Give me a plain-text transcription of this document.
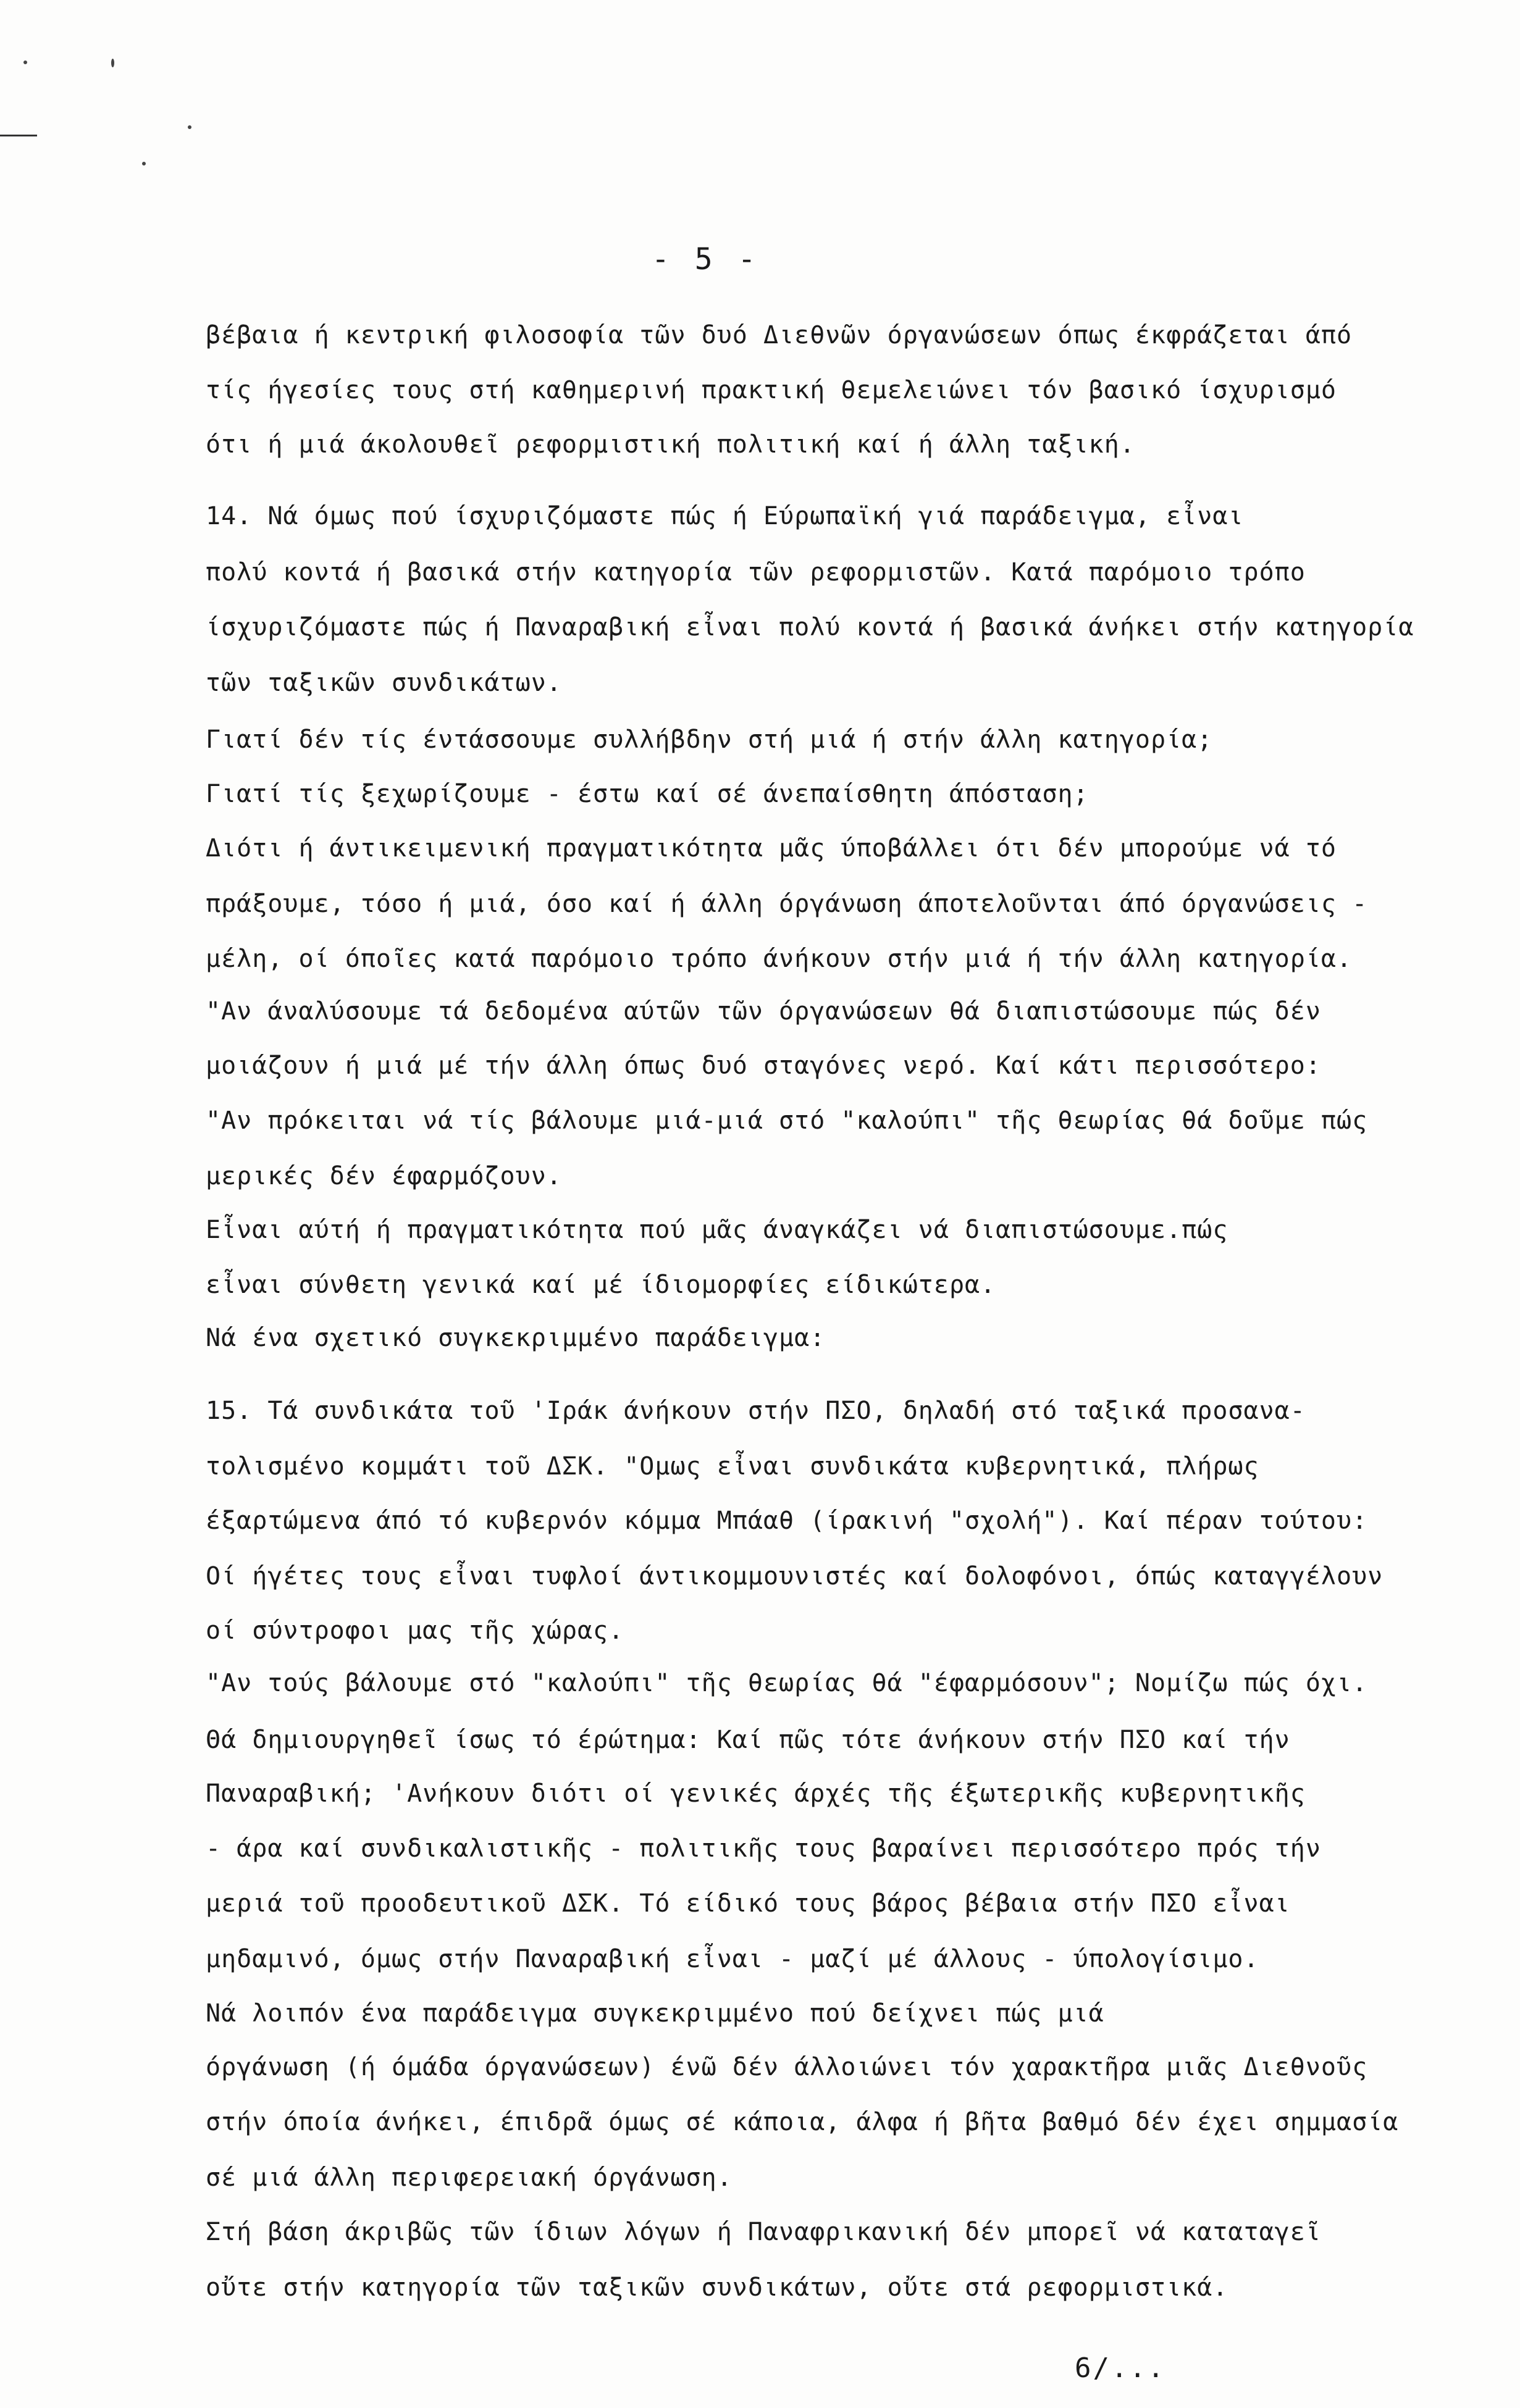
- 5 -
βέβαια ή κεντρική φιλοσοφία τῶν δυό Διεθνῶν όργανώσεων όπως έκφράζεται άπό
τίς ήγεσίες τους στή καθημερινή πρακτική θεμελειώνει τόν βασικό ίσχυρισμό
ότι ή μιά άκολουθεῖ ρεφορμιστική πολιτική καί ή άλλη ταξική.
14. Νά όμως πού ίσχυριζόμαστε πώς ή Εύρωπαϊκή γιά παράδειγμα, εἶναι
πολύ κοντά ή βασικά στήν κατηγορία τῶν ρεφορμιστῶν. Κατά παρόμοιο τρόπο
ίσχυριζόμαστε πώς ή Παναραβική εἶναι πολύ κοντά ή βασικά άνήκει στήν κατηγορία
τῶν ταξικῶν συνδικάτων.
Γιατί δέν τίς έντάσσουμε συλλήβδην στή μιά ή στήν άλλη κατηγορία;
Γιατί τίς ξεχωρίζουμε - έστω καί σέ άνεπαίσθητη άπόσταση;
Διότι ή άντικειμενική πραγματικότητα μᾶς ύποβάλλει ότι δέν μπορούμε νά τό
πράξουμε, τόσο ή μιά, όσο καί ή άλλη όργάνωση άποτελοῦνται άπό όργανώσεις -
μέλη, οί όποῖες κατά παρόμοιο τρόπο άνήκουν στήν μιά ή τήν άλλη κατηγορία.
"Αν άναλύσουμε τά δεδομένα αύτῶν τῶν όργανώσεων θά διαπιστώσουμε πώς δέν
μοιάζουν ή μιά μέ τήν άλλη όπως δυό σταγόνες νερό. Καί κάτι περισσότερο:
"Αν πρόκειται νά τίς βάλουμε μιά-μιά στό "καλούπι" τῆς θεωρίας θά δοῦμε πώς
μερικές δέν έφαρμόζουν.
Εἶναι αύτή ή πραγματικότητα πού μᾶς άναγκάζει νά διαπιστώσουμε.πώς
εἶναι σύνθετη γενικά καί μέ ίδιομορφίες είδικώτερα.
Νά ένα σχετικό συγκεκριμμένο παράδειγμα:
15. Τά συνδικάτα τοῦ 'Ιράκ άνήκουν στήν ΠΣΟ, δηλαδή στό ταξικά προσανα-
τολισμένο κομμάτι τοῦ ΔΣΚ. "Ομως εἶναι συνδικάτα κυβερνητικά, πλήρως
έξαρτώμενα άπό τό κυβερνόν κόμμα Μπάαθ (ίρακινή "σχολή"). Καί πέραν τούτου:
Οί ήγέτες τους εἶναι τυφλοί άντικομμουνιστές καί δολοφόνοι, όπώς καταγγέλουν
οί σύντροφοι μας τῆς χώρας.
"Αν τούς βάλουμε στό "καλούπι" τῆς θεωρίας θά "έφαρμόσουν"; Νομίζω πώς όχι.
Θά δημιουργηθεῖ ίσως τό έρώτημα: Καί πῶς τότε άνήκουν στήν ΠΣΟ καί τήν
Παναραβική; 'Ανήκουν διότι οί γενικές άρχές τῆς έξωτερικῆς κυβερνητικῆς
- άρα καί συνδικαλιστικῆς - πολιτικῆς τους βαραίνει περισσότερο πρός τήν
μεριά τοῦ προοδευτικοῦ ΔΣΚ. Τό είδικό τους βάρος βέβαια στήν ΠΣΟ εἶναι
μηδαμινό, όμως στήν Παναραβική εἶναι - μαζί μέ άλλους - ύπολογίσιμο.
Νά λοιπόν ένα παράδειγμα συγκεκριμμένο πού δείχνει πώς μιά
όργάνωση (ή όμάδα όργανώσεων) ένῶ δέν άλλοιώνει τόν χαρακτῆρα μιᾶς Διεθνοῦς
στήν όποία άνήκει, έπιδρᾶ όμως σέ κάποια, άλφα ή βῆτα βαθμό δέν έχει σημμασία
σέ μιά άλλη περιφερειακή όργάνωση.
Στή βάση άκριβῶς τῶν ίδιων λόγων ή Παναφρικανική δέν μπορεῖ νά καταταγεῖ
οὔτε στήν κατηγορία τῶν ταξικῶν συνδικάτων, οὔτε στά ρεφορμιστικά.
6/...
